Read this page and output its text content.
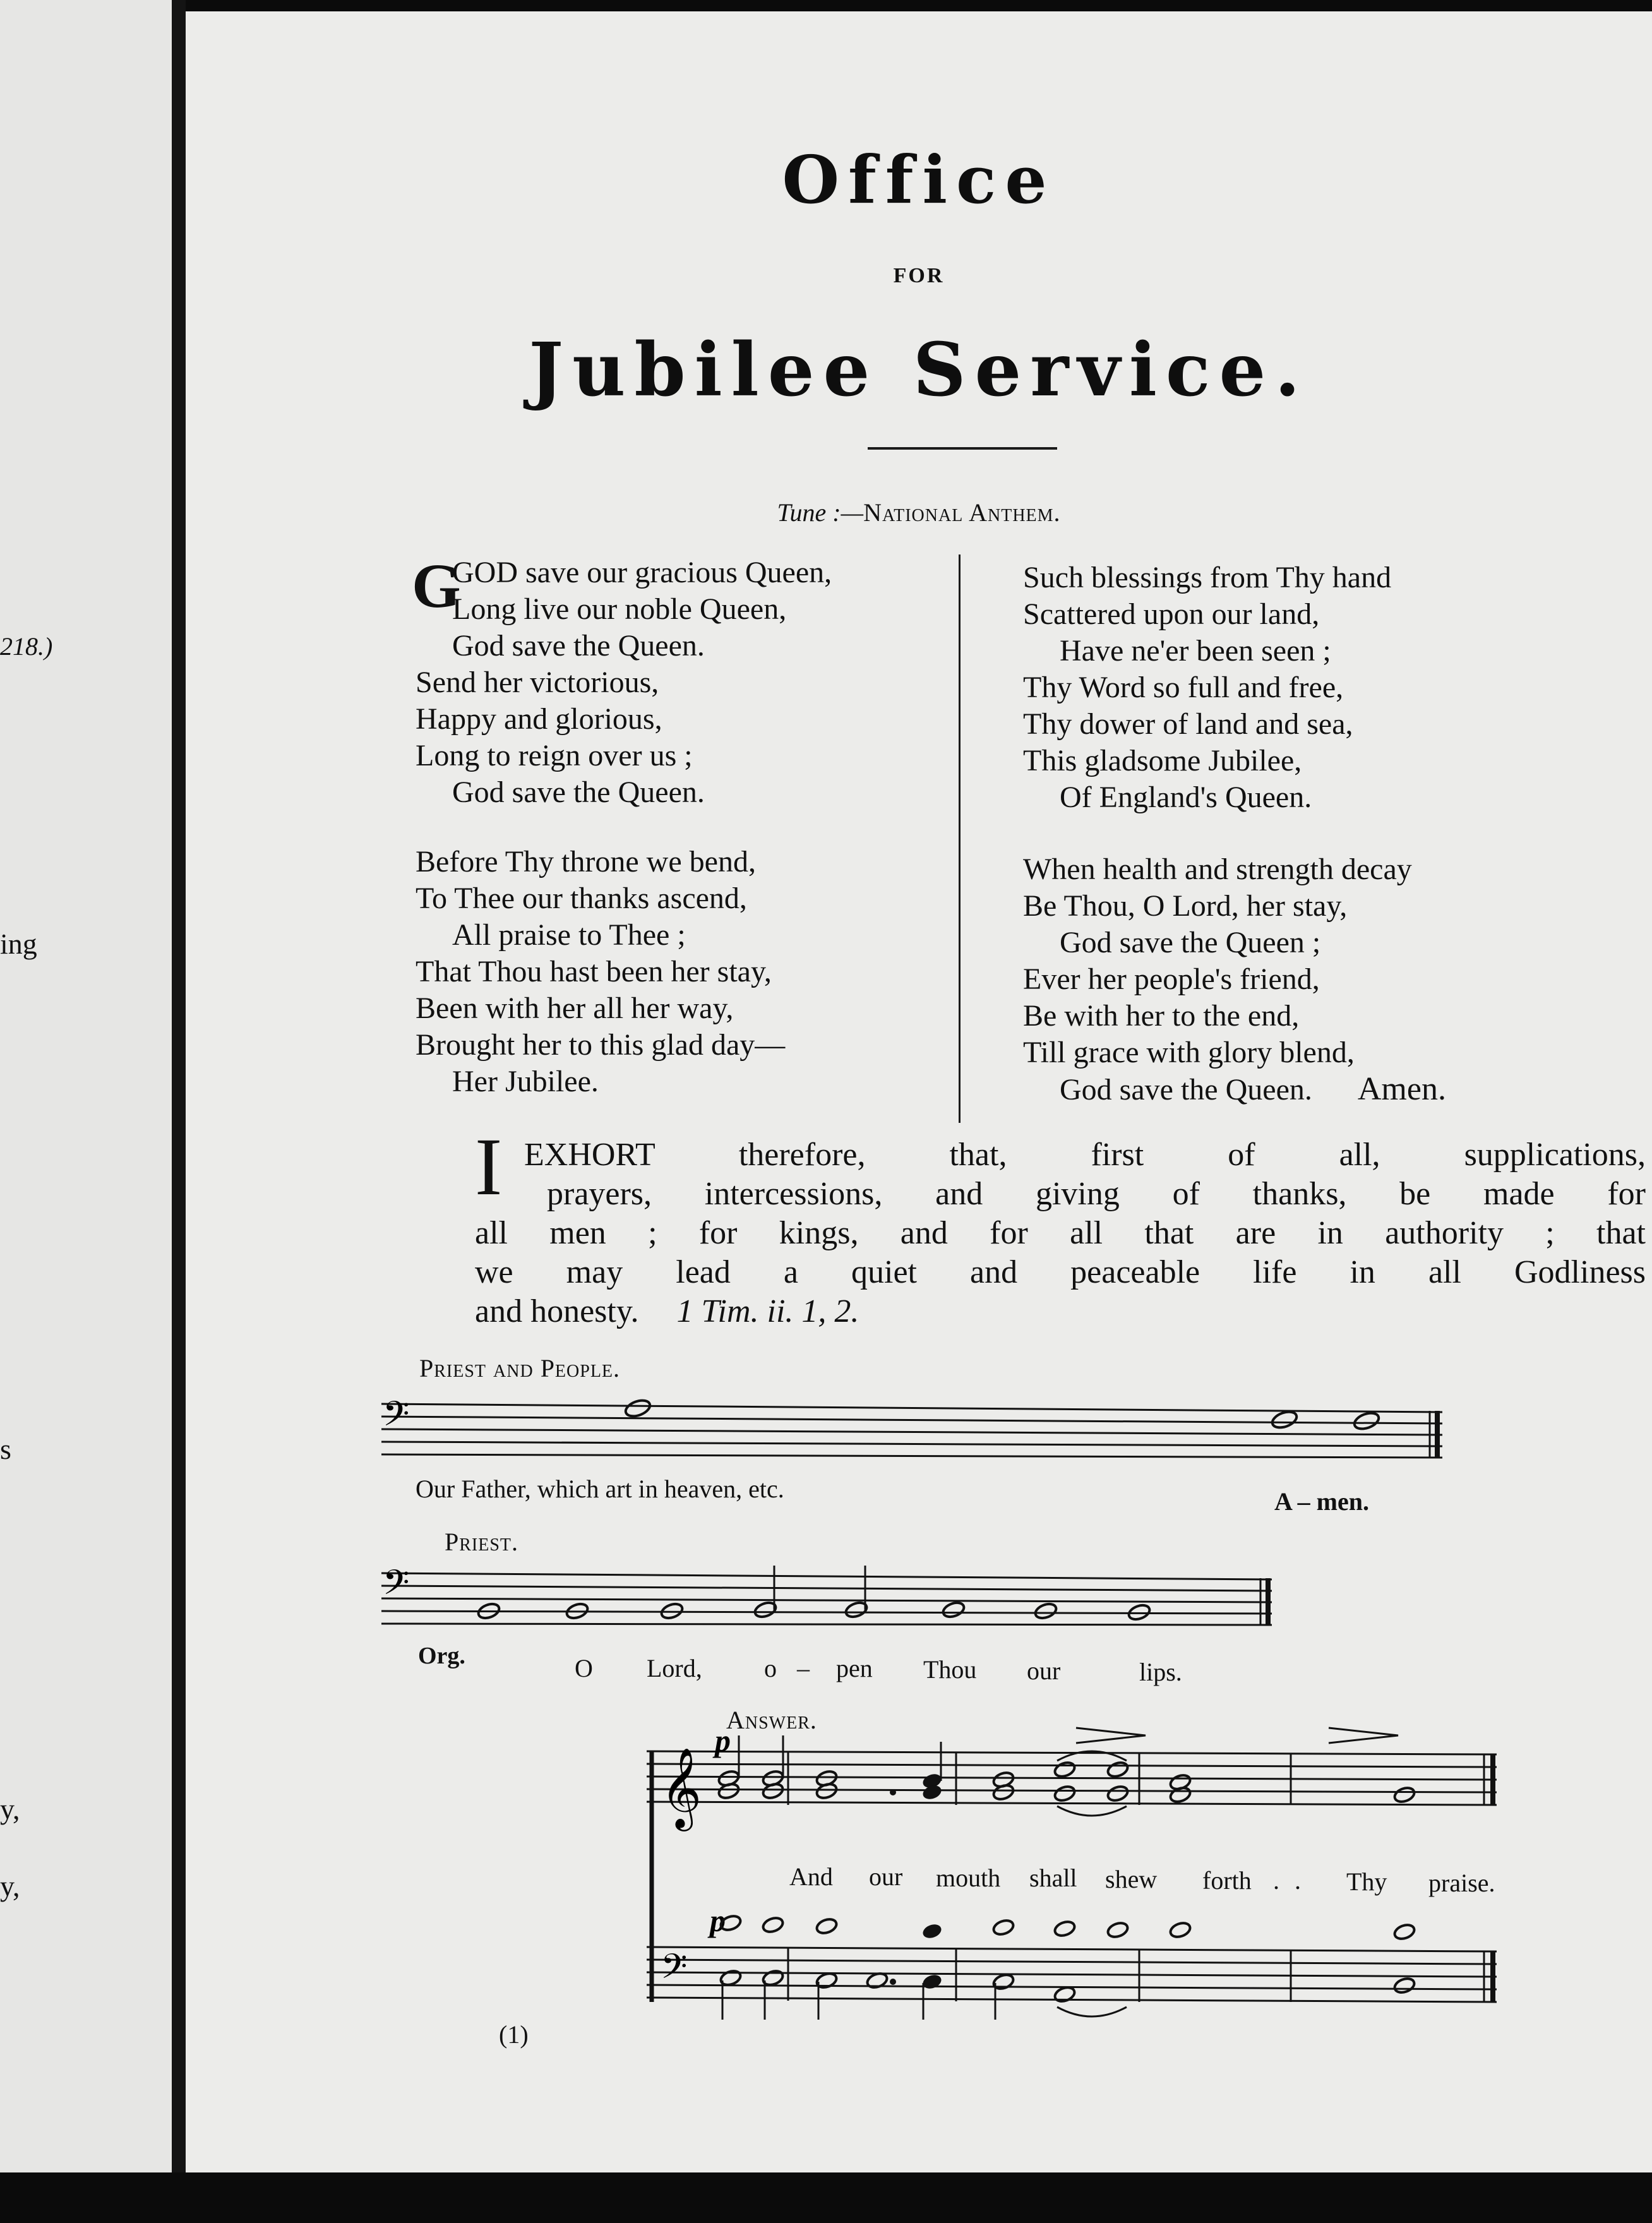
218.)
ing
s
y,
y,
Office
FOR
Jubilee Service.
Tune :—National Anthem.
G
GOD save our gracious Queen,
Long live our noble Queen,
God save the Queen.
Send her victorious,
Happy and glorious,
Long to reign over us ;
God save the Queen.
Before Thy throne we bend,
To Thee our thanks ascend,
All praise to Thee ;
That Thou hast been her stay,
Been with her all her way,
Brought her to this glad day—
Her Jubilee.
Such blessings from Thy hand
Scattered upon our land,
Have ne'er been seen ;
Thy Word so full and free,
Thy dower of land and sea,
This gladsome Jubilee,
Of England's Queen.
When health and strength decay
Be Thou, O Lord, her stay,
God save the Queen ;
Ever her people's friend,
Be with her to the end,
Till grace with glory blend,
God save the Queen. Amen.
I EXHORT therefore, that, first of all, supplications,
prayers, intercessions, and giving of thanks, be made for
all men ; for kings, and for all that are in authority ; that
we may lead a quiet and peaceable life in all Godliness
and honesty. 1 Tim. ii. 1, 2.
Priest and People.
𝄢
Our Father, which art in heaven, etc.	A – men.
Priest.
𝄢
Org.	O Lord, o – pen Thou our	lips.
Answer.
𝄞
𝄢
p
p
And our mouth shall shew forth . . Thy praise.
(1)
